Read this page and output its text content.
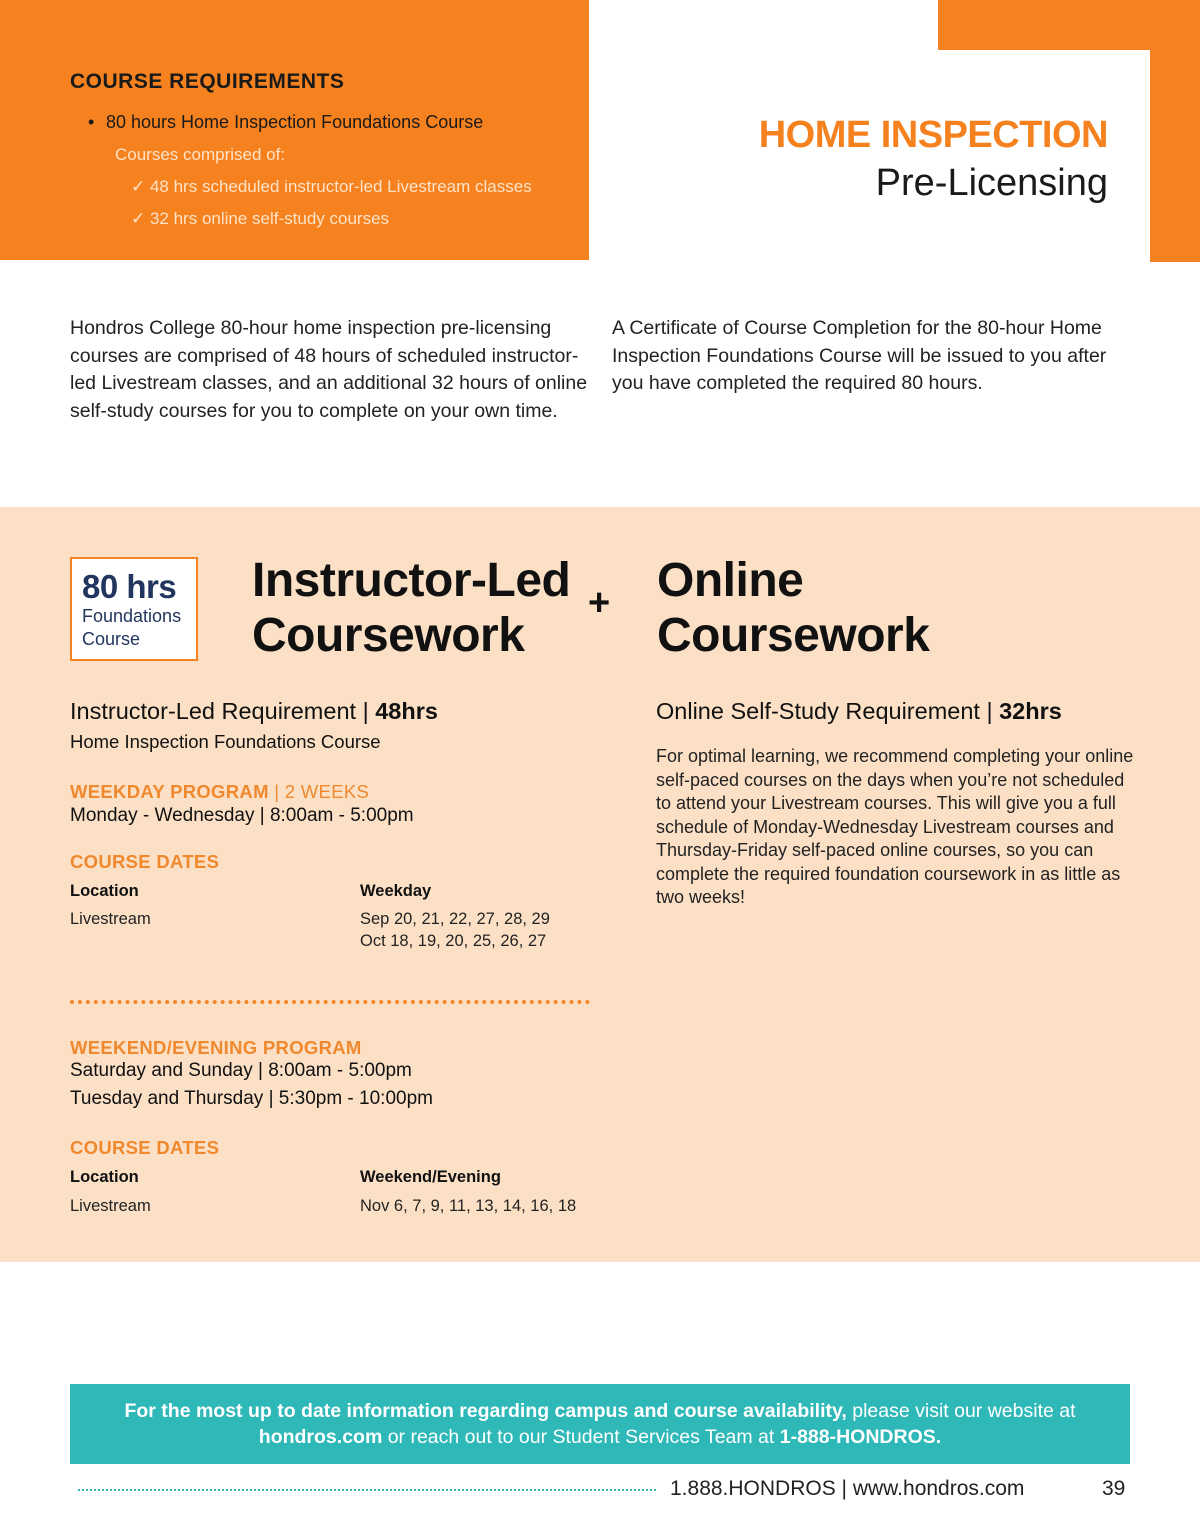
COURSE REQUIREMENTS
• 80 hours Home Inspection Foundations Course
Courses comprised of:
✓ 48 hrs scheduled instructor-led Livestream classes
✓ 32 hrs online self-study courses
HOME INSPECTION
Pre-Licensing

Hondros College 80-hour home inspection pre-licensing courses are comprised of 48 hours of scheduled instructor-led Livestream classes, and an additional 32 hours of online self-study courses for you to complete on your own time.

A Certificate of Course Completion for the 80-hour Home Inspection Foundations Course will be issued to you after you have completed the required 80 hours.

80 hrs
Foundations
Course
Instructor-Led
Coursework
+ Online
Coursework
Instructor-Led Requirement | 48hrs
Home Inspection Foundations Course
WEEKDAY PROGRAM | 2 WEEKS
Monday - Wednesday | 8:00am - 5:00pm
COURSE DATES
Location
Livestream
Weekday
Sep 20, 21, 22, 27, 28, 29
Oct 18, 19, 20, 25, 26, 27
WEEKEND/EVENING PROGRAM
Saturday and Sunday | 8:00am - 5:00pm
Tuesday and Thursday | 5:30pm - 10:00pm
COURSE DATES
Location
Livestream
Weekend/Evening
Nov 6, 7, 9, 11, 13, 14, 16, 18
Online Self-Study Requirement | 32hrs

For optimal learning, we recommend completing your online self-paced courses on the days when you’re not scheduled to attend your Livestream courses. This will give you a full schedule of Monday-Wednesday Livestream courses and Thursday-Friday self-paced online courses, so you can complete the required foundation coursework in as little as two weeks!

For the most up to date information regarding campus and course availability, please visit our website at hondros.com or reach out to our Student Services Team at 1-888-HONDROS.
1.888.HONDROS | www.hondros.com	39
